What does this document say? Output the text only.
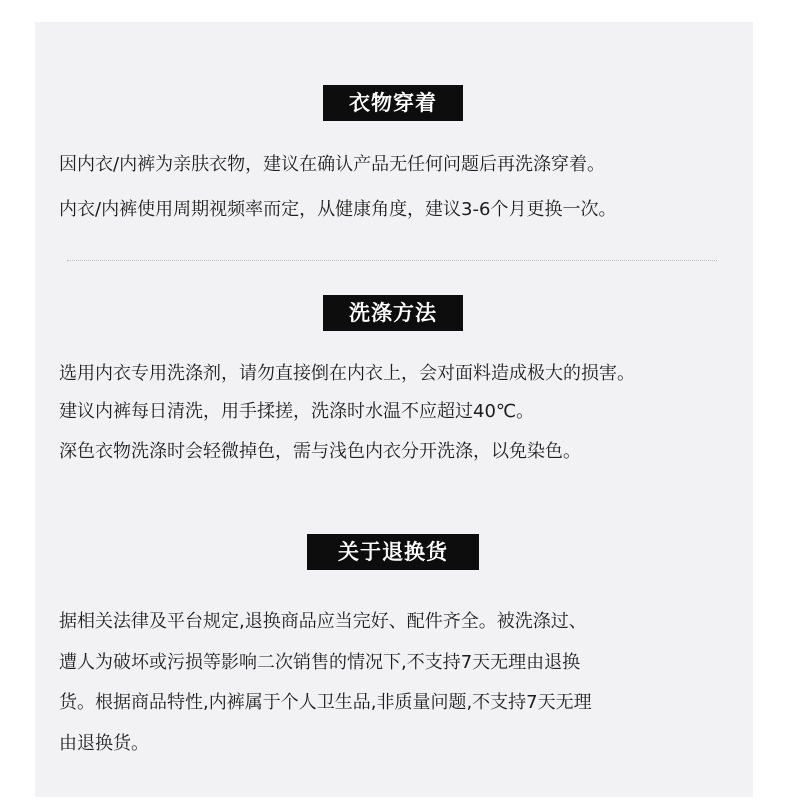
衣物穿着
因内衣/内裤为亲肤衣物，建议在确认产品无任何问题后再洗涤穿着。
内衣/内裤使用周期视频率而定，从健康角度，建议3-6个月更换一次。
洗涤方法
选用内衣专用洗涤剂，请勿直接倒在内衣上，会对面料造成极大的损害。
建议内裤每日清洗，用手揉搓，洗涤时水温不应超过40℃。
深色衣物洗涤时会轻微掉色，需与浅色内衣分开洗涤，以免染色。
关于退换货
据相关法律及平台规定,退换商品应当完好、配件齐全。被洗涤过、
遭人为破坏或污损等影响二次销售的情况下,不支持7天无理由退换
货。根据商品特性,内裤属于个人卫生品,非质量问题,不支持7天无理
由退换货。
